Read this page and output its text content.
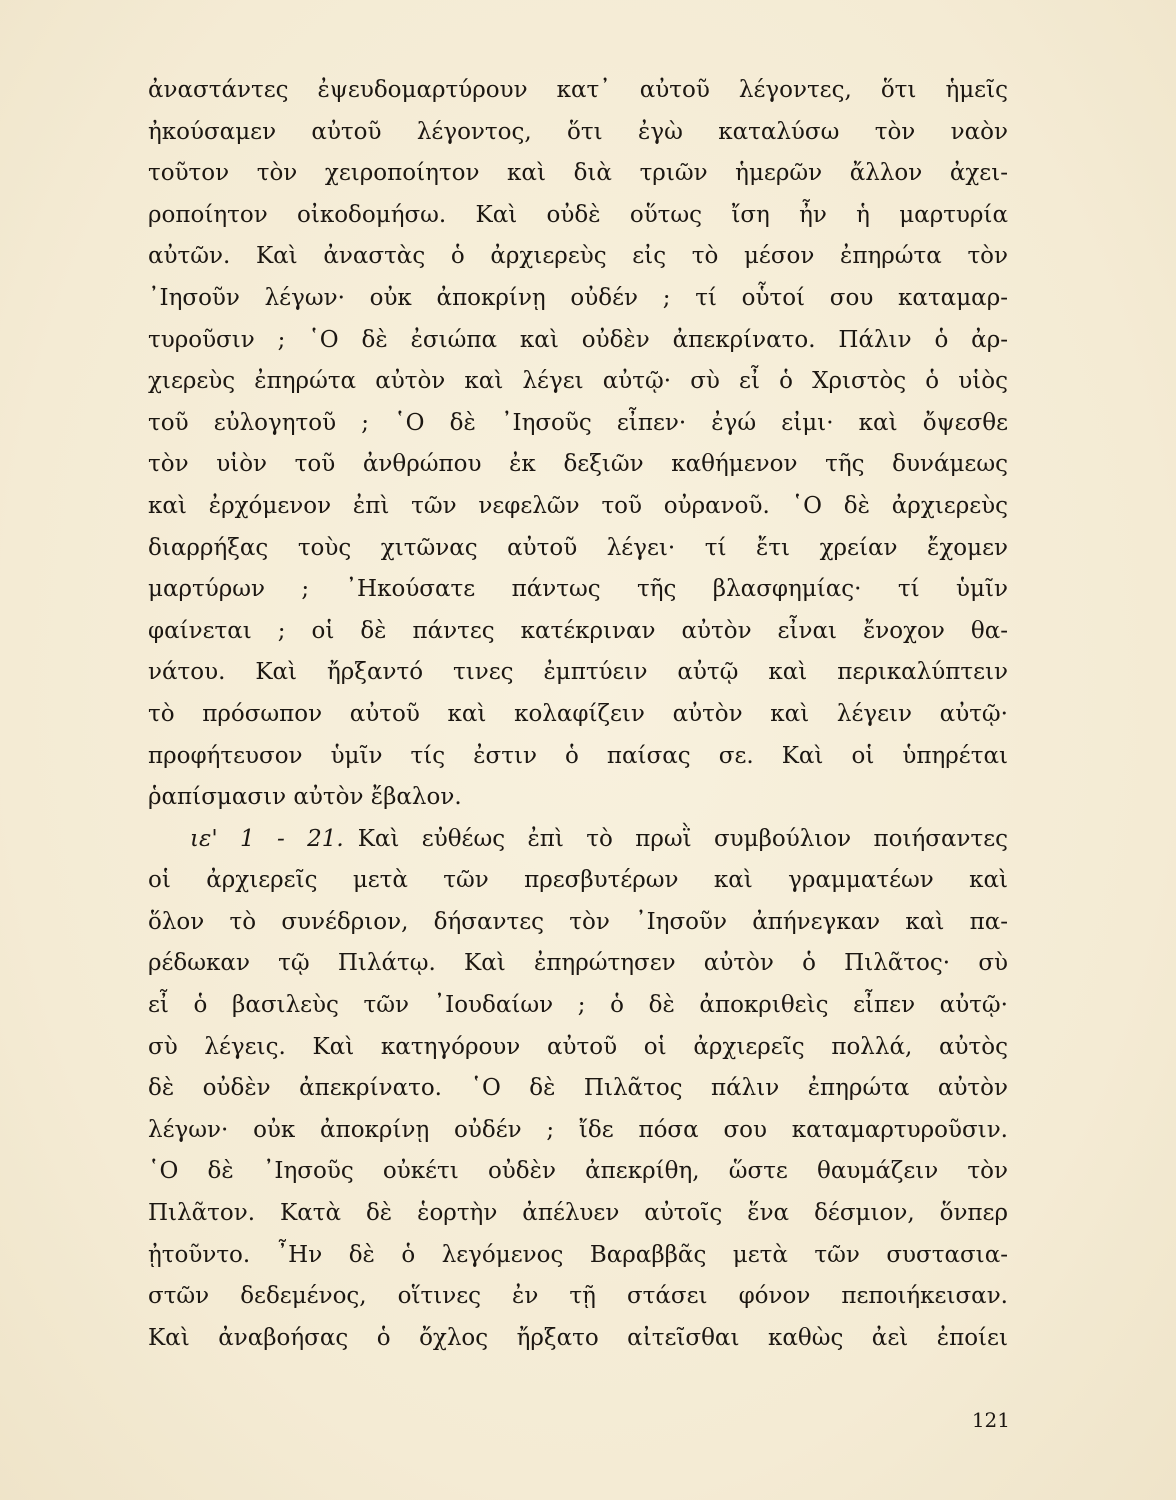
ἀναστάντες ἐψευδομαρτύρουν κατ᾿ αὐτοῦ λέγοντες, ὅτι ἡμεῖς
ἠκούσαμεν αὐτοῦ λέγοντος, ὅτι ἐγὼ καταλύσω τὸν ναὸν
τοῦτον τὸν χειροποίητον καὶ διὰ τριῶν ἡμερῶν ἄλλον ἀχει-
ροποίητον οἰκοδομήσω. Καὶ οὐδὲ οὕτως ἴση ἦν ἡ μαρτυρία
αὐτῶν. Καὶ ἀναστὰς ὁ ἀρχιερεὺς εἰς τὸ μέσον ἐπηρώτα τὸν
᾿Ιησοῦν λέγων· οὐκ ἀποκρίνῃ οὐδέν ; τί οὗτοί σου καταμαρ-
τυροῦσιν ; ῾Ο δὲ ἐσιώπα καὶ οὐδὲν ἀπεκρίνατο. Πάλιν ὁ ἀρ-
χιερεὺς ἐπηρώτα αὐτὸν καὶ λέγει αὐτῷ· σὺ εἶ ὁ Χριστὸς ὁ υἱὸς
τοῦ εὐλογητοῦ ; ῾Ο δὲ ᾿Ιησοῦς εἶπεν· ἐγώ εἰμι· καὶ ὄψεσθε
τὸν υἱὸν τοῦ ἀνθρώπου ἐκ δεξιῶν καθήμενον τῆς δυνάμεως
καὶ ἐρχόμενον ἐπὶ τῶν νεφελῶν τοῦ οὐρανοῦ. ῾Ο δὲ ἀρχιερεὺς
διαρρήξας τοὺς χιτῶνας αὐτοῦ λέγει· τί ἔτι χρείαν ἔχομεν
μαρτύρων ; ᾿Ηκούσατε πάντως τῆς βλασφημίας· τί ὑμῖν
φαίνεται ; οἱ δὲ πάντες κατέκριναν αὐτὸν εἶναι ἔνοχον θα-
νάτου. Καὶ ἤρξαντό τινες ἐμπτύειν αὐτῷ καὶ περικαλύπτειν
τὸ πρόσωπον αὐτοῦ καὶ κολαφίζειν αὐτὸν καὶ λέγειν αὐτῷ·
προφήτευσον ὑμῖν τίς ἐστιν ὁ παίσας σε. Καὶ οἱ ὑπηρέται
ῥαπίσμασιν αὐτὸν ἔβαλον.
ιε' 1 - 21. Καὶ εὐθέως ἐπὶ τὸ πρωῒ συμβούλιον ποιήσαντες
οἱ ἀρχιερεῖς μετὰ τῶν πρεσβυτέρων καὶ γραμματέων καὶ
ὅλον τὸ συνέδριον, δήσαντες τὸν ᾿Ιησοῦν ἀπήνεγκαν καὶ πα-
ρέδωκαν τῷ Πιλάτῳ. Καὶ ἐπηρώτησεν αὐτὸν ὁ Πιλᾶτος· σὺ
εἶ ὁ βασιλεὺς τῶν ᾿Ιουδαίων ; ὁ δὲ ἀποκριθεὶς εἶπεν αὐτῷ·
σὺ λέγεις. Καὶ κατηγόρουν αὐτοῦ οἱ ἀρχιερεῖς πολλά, αὐτὸς
δὲ οὐδὲν ἀπεκρίνατο. ῾Ο δὲ Πιλᾶτος πάλιν ἐπηρώτα αὐτὸν
λέγων· οὐκ ἀποκρίνῃ οὐδέν ; ἴδε πόσα σου καταμαρτυροῦσιν.
῾Ο δὲ ᾿Ιησοῦς οὐκέτι οὐδὲν ἀπεκρίθη, ὥστε θαυμάζειν τὸν
Πιλᾶτον. Κατὰ δὲ ἑορτὴν ἀπέλυεν αὐτοῖς ἕνα δέσμιον, ὅνπερ
ᾐτοῦντο. ῏Ην δὲ ὁ λεγόμενος Βαραββᾶς μετὰ τῶν συστασια-
στῶν δεδεμένος, οἵτινες ἐν τῇ στάσει φόνον πεποιήκεισαν.
Καὶ ἀναβοήσας ὁ ὄχλος ἤρξατο αἰτεῖσθαι καθὼς ἀεὶ ἐποίει
121
